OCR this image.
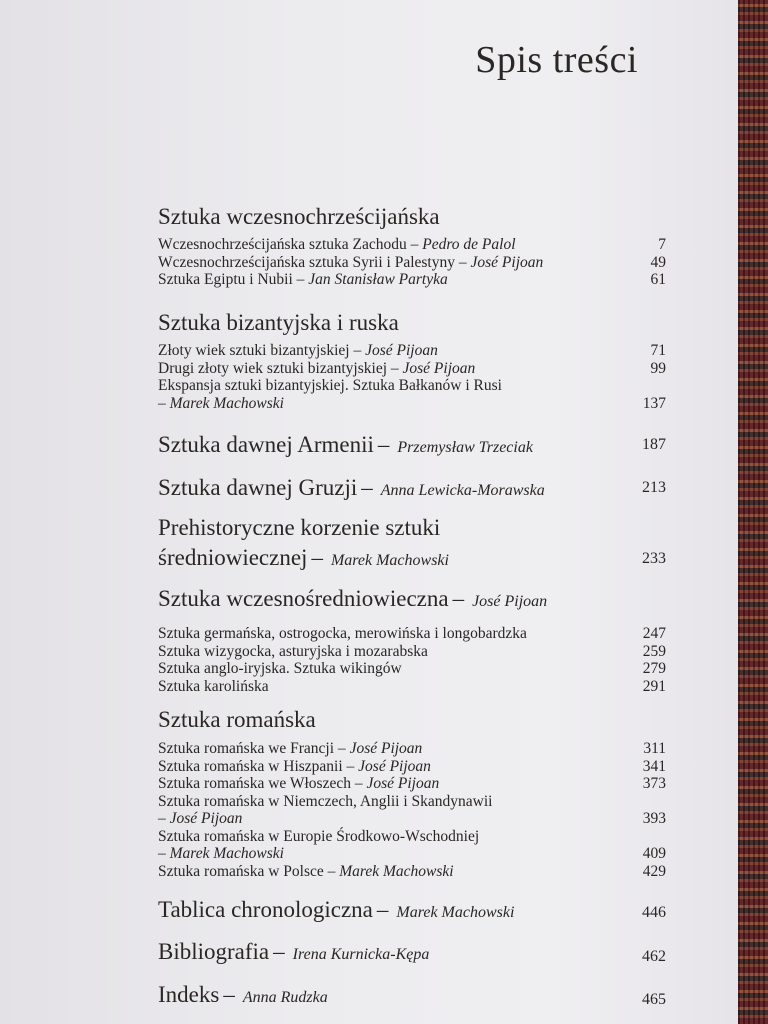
Spis treści
Sztuka wczesnochrześcijańska
Wczesnochrześcijańska sztuka Zachodu – Pedro de Palol	7
Wczesnochrześcijańska sztuka Syrii i Palestyny – José Pijoan	49
Sztuka Egiptu i Nubii – Jan Stanisław Partyka	61
Sztuka bizantyjska i ruska
Złoty wiek sztuki bizantyjskiej – José Pijoan	71
Drugi złoty wiek sztuki bizantyjskiej – José Pijoan	99
Ekspansja sztuki bizantyjskiej. Sztuka Bałkanów i Rusi
– Marek Machowski	137
Sztuka dawnej Armenii – Przemysław Trzeciak	187
Sztuka dawnej Gruzji – Anna Lewicka-Morawska	213
Prehistoryczne korzenie sztuki
średniowiecznej – Marek Machowski	233
Sztuka wczesnośredniowieczna – José Pijoan
Sztuka germańska, ostrogocka, merowińska i longobardzka	247
Sztuka wizygocka, asturyjska i mozarabska	259
Sztuka anglo-iryjska. Sztuka wikingów	279
Sztuka karolińska	291
Sztuka romańska
Sztuka romańska we Francji – José Pijoan	311
Sztuka romańska w Hiszpanii – José Pijoan	341
Sztuka romańska we Włoszech – José Pijoan	373
Sztuka romańska w Niemczech, Anglii i Skandynawii
– José Pijoan	393
Sztuka romańska w Europie Środkowo-Wschodniej
– Marek Machowski	409
Sztuka romańska w Polsce – Marek Machowski	429
Tablica chronologiczna – Marek Machowski	446
Bibliografia – Irena Kurnicka-Kępa	462
Indeks – Anna Rudzka	465
